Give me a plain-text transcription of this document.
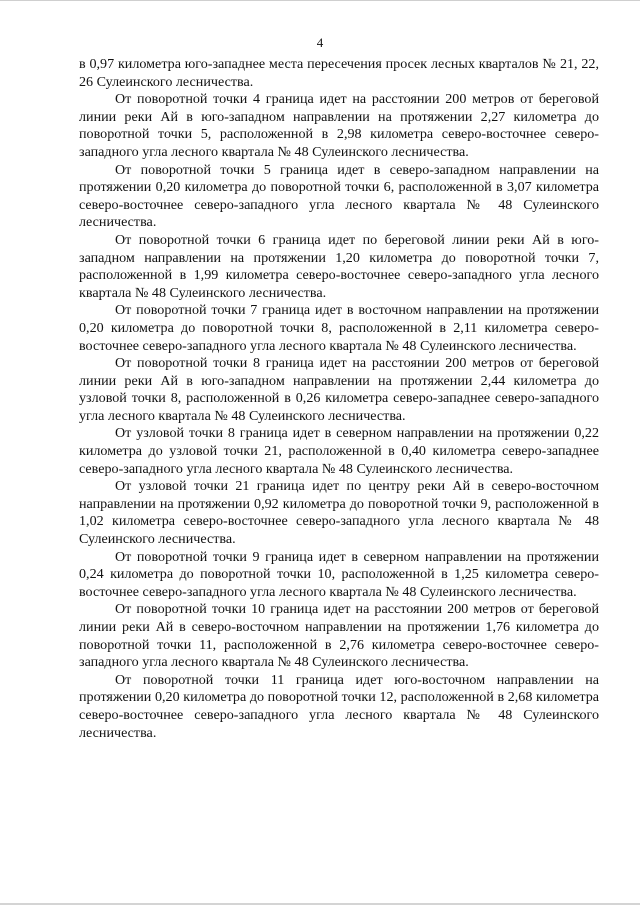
4

в 0,97 километра юго-западнее места пересечения просек лесных кварталов № 21, 22, 26 Сулеинского лесничества.

От поворотной точки 4 граница идет на расстоянии 200 метров от береговой линии реки Ай в юго-западном направлении на протяжении 2,27 километра до поворотной точки 5, расположенной в 2,98 километра северо-восточнее северо-западного угла лесного квартала № 48 Сулеинского лесничества.

От поворотной точки 5 граница идет в северо-западном направлении на протяжении 0,20 километра до поворотной точки 6, расположенной в 3,07 километра северо-восточнее северо-западного угла лесного квартала № 48 Сулеинского лесничества.

От поворотной точки 6 граница идет по береговой линии реки Ай в юго-западном направлении на протяжении 1,20 километра до поворотной точки 7, расположенной в 1,99 километра северо-восточнее северо-западного угла лесного квартала № 48 Сулеинского лесничества.

От поворотной точки 7 граница идет в восточном направлении на протяжении 0,20 километра до поворотной точки 8, расположенной в 2,11 километра северо-восточнее северо-западного угла лесного квартала № 48 Сулеинского лесничества.

От поворотной точки 8 граница идет на расстоянии 200 метров от береговой линии реки Ай в юго-западном направлении на протяжении 2,44 километра до узловой точки 8, расположенной в 0,26 километра северо-западнее северо-западного угла лесного квартала № 48 Сулеинского лесничества.

От узловой точки 8 граница идет в северном направлении на протяжении 0,22 километра до узловой точки 21, расположенной в 0,40 километра северо-западнее северо-западного угла лесного квартала № 48 Сулеинского лесничества.

От узловой точки 21 граница идет по центру реки Ай в северо-восточном направлении на протяжении 0,92 километра до поворотной точки 9, расположенной в 1,02 километра северо-восточнее северо-западного угла лесного квартала № 48 Сулеинского лесничества.

От поворотной точки 9 граница идет в северном направлении на протяжении 0,24 километра до поворотной точки 10, расположенной в 1,25 километра северо-восточнее северо-западного угла лесного квартала № 48 Сулеинского лесничества.

От поворотной точки 10 граница идет на расстоянии 200 метров от береговой линии реки Ай в северо-восточном направлении на протяжении 1,76 километра до поворотной точки 11, расположенной в 2,76 километра северо-восточнее северо-западного угла лесного квартала № 48 Сулеинского лесничества.

От поворотной точки 11 граница идет юго-восточном направлении на протяжении 0,20 километра до поворотной точки 12, расположенной в 2,68 километра северо-восточнее северо-западного угла лесного квартала № 48 Сулеинского лесничества.
